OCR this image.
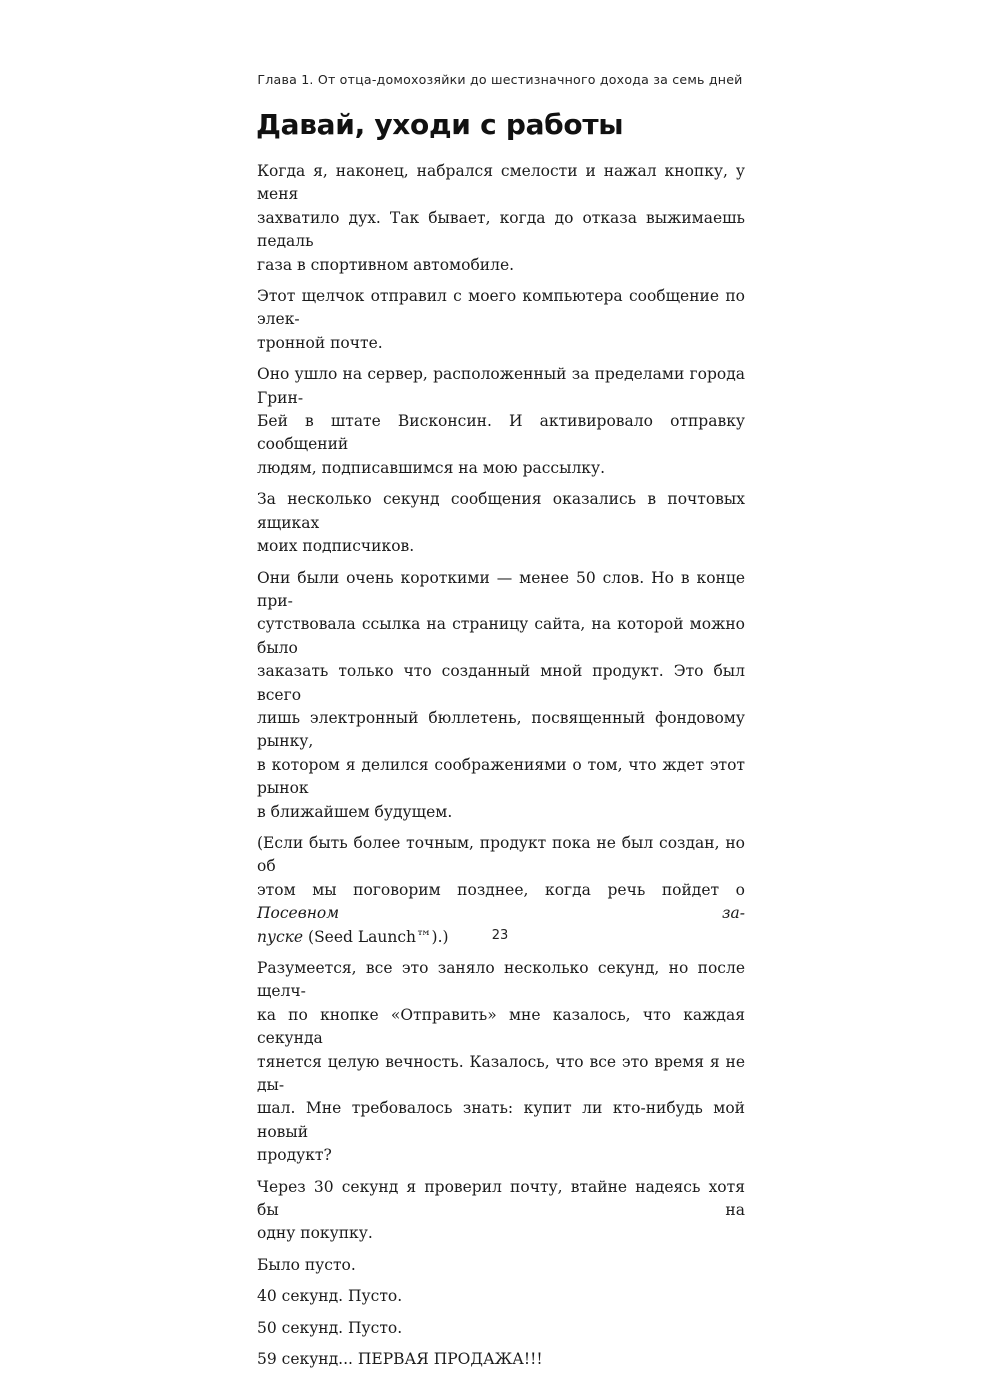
Глава 1. От отца-домохозяйки до шестизначного дохода за семь дней
Давай, уходи с работы

Когда я, наконец, набрался смелости и нажал кнопку, у меня
захватило дух. Так бывает, когда до отказа выжимаешь педаль
газа в спортивном автомобиле.

Этот щелчок отправил с моего компьютера сообщение по элек-
тронной почте.

Оно ушло на сервер, расположенный за пределами города Грин-
Бей в штате Висконсин. И активировало отправку сообщений
людям, подписавшимся на мою рассылку.

За несколько секунд сообщения оказались в почтовых ящиках
моих подписчиков.

Они были очень короткими — менее 50 слов. Но в конце при-
сутствовала ссылка на страницу сайта, на которой можно было
заказать только что созданный мной продукт. Это был всего
лишь электронный бюллетень, посвященный фондовому рынку,
в котором я делился соображениями о том, что ждет этот рынок
в ближайшем будущем.

(Если быть более точным, продукт пока не был создан, но об
этом мы поговорим позднее, когда речь пойдет о Посевном за-
пуске (Seed Launch™).)

Разумеется, все это заняло несколько секунд, но после щелч-
ка по кнопке «Отправить» мне казалось, что каждая секунда
тянется целую вечность. Казалось, что все это время я не ды-
шал. Мне требовалось знать: купит ли кто-нибудь мой новый
продукт?

Через 30 секунд я проверил почту, втайне надеясь хотя бы на
одну покупку.

Было пусто.

40 секунд. Пусто.

50 секунд. Пусто.

59 секунд... ПЕРВАЯ ПРОДАЖА!!!

23
